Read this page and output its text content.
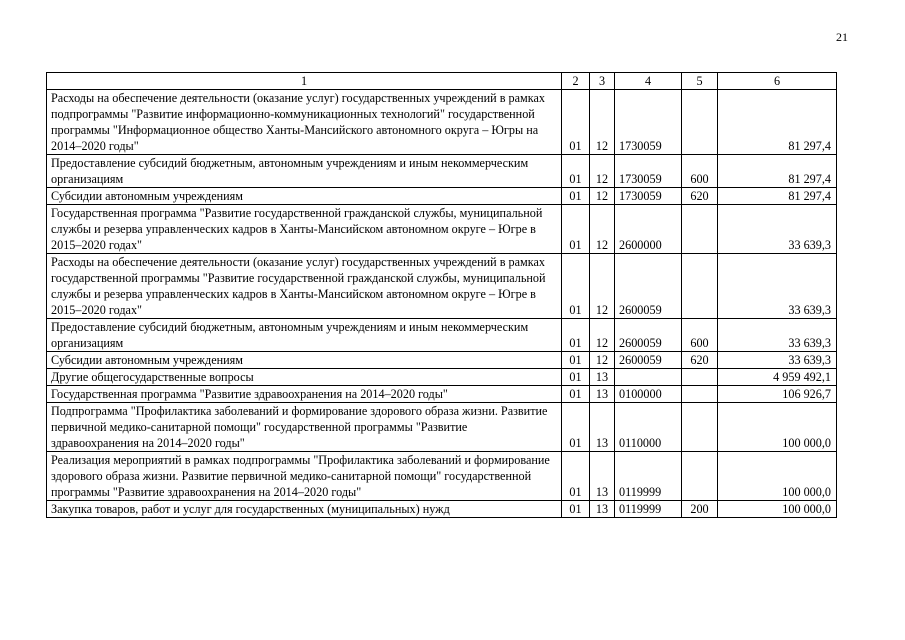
21
1	2	3	4	5	6
Расходы на обеспечение деятельности (оказание услуг) государственных учреждений в рамках подпрограммы "Развитие информационно-коммуникационных технологий" государственной программы "Информационное общество Ханты-Мансийского автономного округа – Югры на 2014–2020 годы"	01	12	1730059		81 297,4
Предоставление субсидий бюджетным, автономным учреждениям и иным некоммерческим организациям	01	12	1730059	600	81 297,4
Субсидии автономным учреждениям	01	12	1730059	620	81 297,4
Государственная программа "Развитие государственной гражданской службы, муниципальной службы и резерва управленческих кадров в Ханты-Мансийском автономном округе – Югре в 2015–2020 годах"	01	12	2600000		33 639,3
Расходы на обеспечение деятельности (оказание услуг) государственных учреждений в рамках государственной программы "Развитие государственной гражданской службы, муниципальной службы и резерва управленческих кадров в Ханты-Мансийском автономном округе – Югре в 2015–2020 годах"	01	12	2600059		33 639,3
Предоставление субсидий бюджетным, автономным учреждениям и иным некоммерческим организациям	01	12	2600059	600	33 639,3
Субсидии автономным учреждениям	01	12	2600059	620	33 639,3
Другие общегосударственные вопросы	01	13			4 959 492,1
Государственная программа "Развитие здравоохранения на 2014–2020 годы"	01	13	0100000		106 926,7
Подпрограмма "Профилактика заболеваний и формирование здорового образа жизни. Развитие первичной медико-санитарной помощи" государственной программы "Развитие здравоохранения на 2014–2020 годы"	01	13	0110000		100 000,0
Реализация мероприятий в рамках подпрограммы "Профилактика заболеваний и формирование здорового образа жизни. Развитие первичной медико-санитарной помощи" государственной программы "Развитие здравоохранения на 2014–2020 годы"	01	13	0119999		100 000,0
Закупка товаров, работ и услуг для государственных (муниципальных) нужд	01	13	0119999	200	100 000,0
